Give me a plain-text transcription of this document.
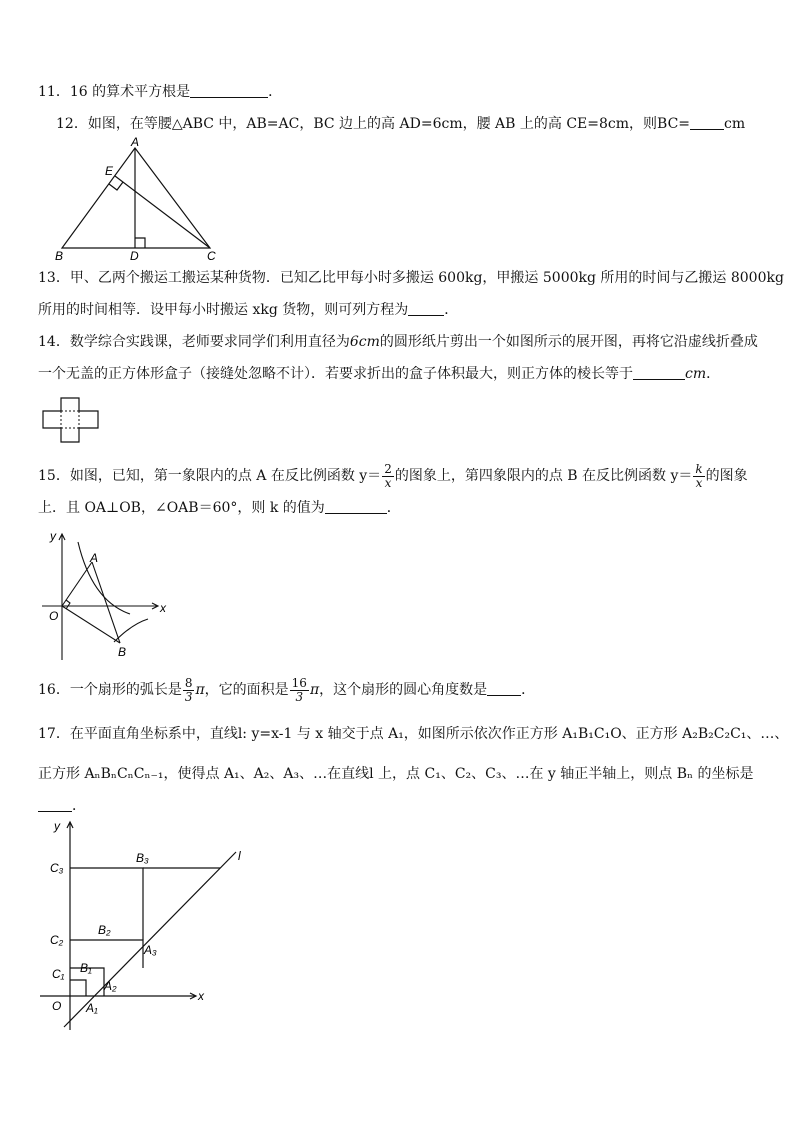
11．16 的算术平方根是	．
12．如图，在等腰△ABC 中，AB=AC，BC 边上的高 AD=6cm，腰 AB 上的高 CE=8cm，则BC= cm
A
E
B	D	C
13．甲、乙两个搬运工搬运某种货物．已知乙比甲每小时多搬运 600kg，甲搬运 5000kg 所用的时间与乙搬运 8000kg
所用的时间相等．设甲每小时搬运 xkg 货物，则可列方程为	．
14．数学综合实践课，老师要求同学们利用直径为6cm的圆形纸片剪出一个如图所示的展开图，再将它沿虚线折叠成
一个无盖的正方体形盒子（接缝处忽略不计）．若要求折出的盒子体积最大，则正方体的棱长等于	cm．
15．如图，已知，第一象限内的点 A 在反比例函数 $y= \frac{2}{x}$ 的图象上，第四象限内的点 B 在反比例函数 $y= \frac{k}{x}$ 的图象
上．且 OA⊥OB，∠OAB＝60°，则 k 的值为	．
y
A
O
x
B
16．一个扇形的弧长是 $\frac{8}{3}$ π，它的面积是 $\frac{16}{3}$ π，这个扇形的圆心角度数是 ．
17．在平面直角坐标系中，直线l: y=x-1 与 x 轴交于点 A₁，如图所示依次作正方形 A₁B₁C₁O、正方形 A₂B₂C₂C₁、…、
正方形 AₙBₙCₙCₙ₋₁，使得点 A₁、A₂、A₃、…在直线l 上，点 C₁、C₂、C₃、…在 y 轴正半轴上，则点 Bₙ 的坐标是
．
y
l
C₃
B₃
B₂
C₂
A₃
C₁ B₁
A₂
O
x
A₁
